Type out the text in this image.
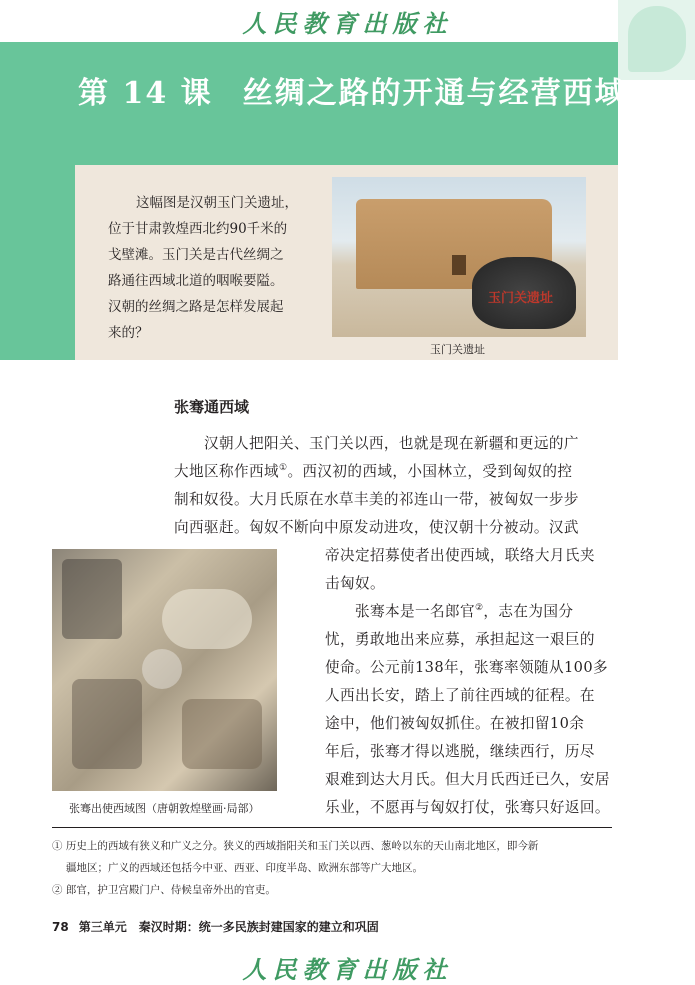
人民教育出版社
第 14 课 丝绸之路的开通与经营西域
这幅图是汉朝玉门关遗址，
位于甘肃敦煌西北约90千米的
戈壁滩。玉门关是古代丝绸之
路通往西域北道的咽喉要隘。
汉朝的丝绸之路是怎样发展起
来的？
玉门关遗址
玉门关遗址
张骞通西域
汉朝人把阳关、玉门关以西，也就是现在新疆和更远的广
大地区称作西域①。西汉初的西域，小国林立，受到匈奴的控
制和奴役。大月氏原在水草丰美的祁连山一带，被匈奴一步步
向西驱赶。匈奴不断向中原发动进攻，使汉朝十分被动。汉武
帝决定招募使者出使西域，联络大月氏夹
击匈奴。
张骞本是一名郎官②，志在为国分
忧，勇敢地出来应募，承担起这一艰巨的
使命。公元前138年，张骞率领随从100多
人西出长安，踏上了前往西域的征程。在
途中，他们被匈奴抓住。在被扣留10余
年后，张骞才得以逃脱，继续西行，历尽
艰难到达大月氏。但大月氏西迁已久，安居
乐业，不愿再与匈奴打仗，张骞只好返回。
张骞出使西域图（唐朝敦煌壁画·局部）
① 历史上的西域有狭义和广义之分。狭义的西域指阳关和玉门关以西、葱岭以东的天山南北地区，即今新
疆地区；广义的西域还包括今中亚、西亚、印度半岛、欧洲东部等广大地区。
② 郎官，护卫宫殿门户、侍候皇帝外出的官吏。
78 第三单元　秦汉时期：统一多民族封建国家的建立和巩固
人民教育出版社
